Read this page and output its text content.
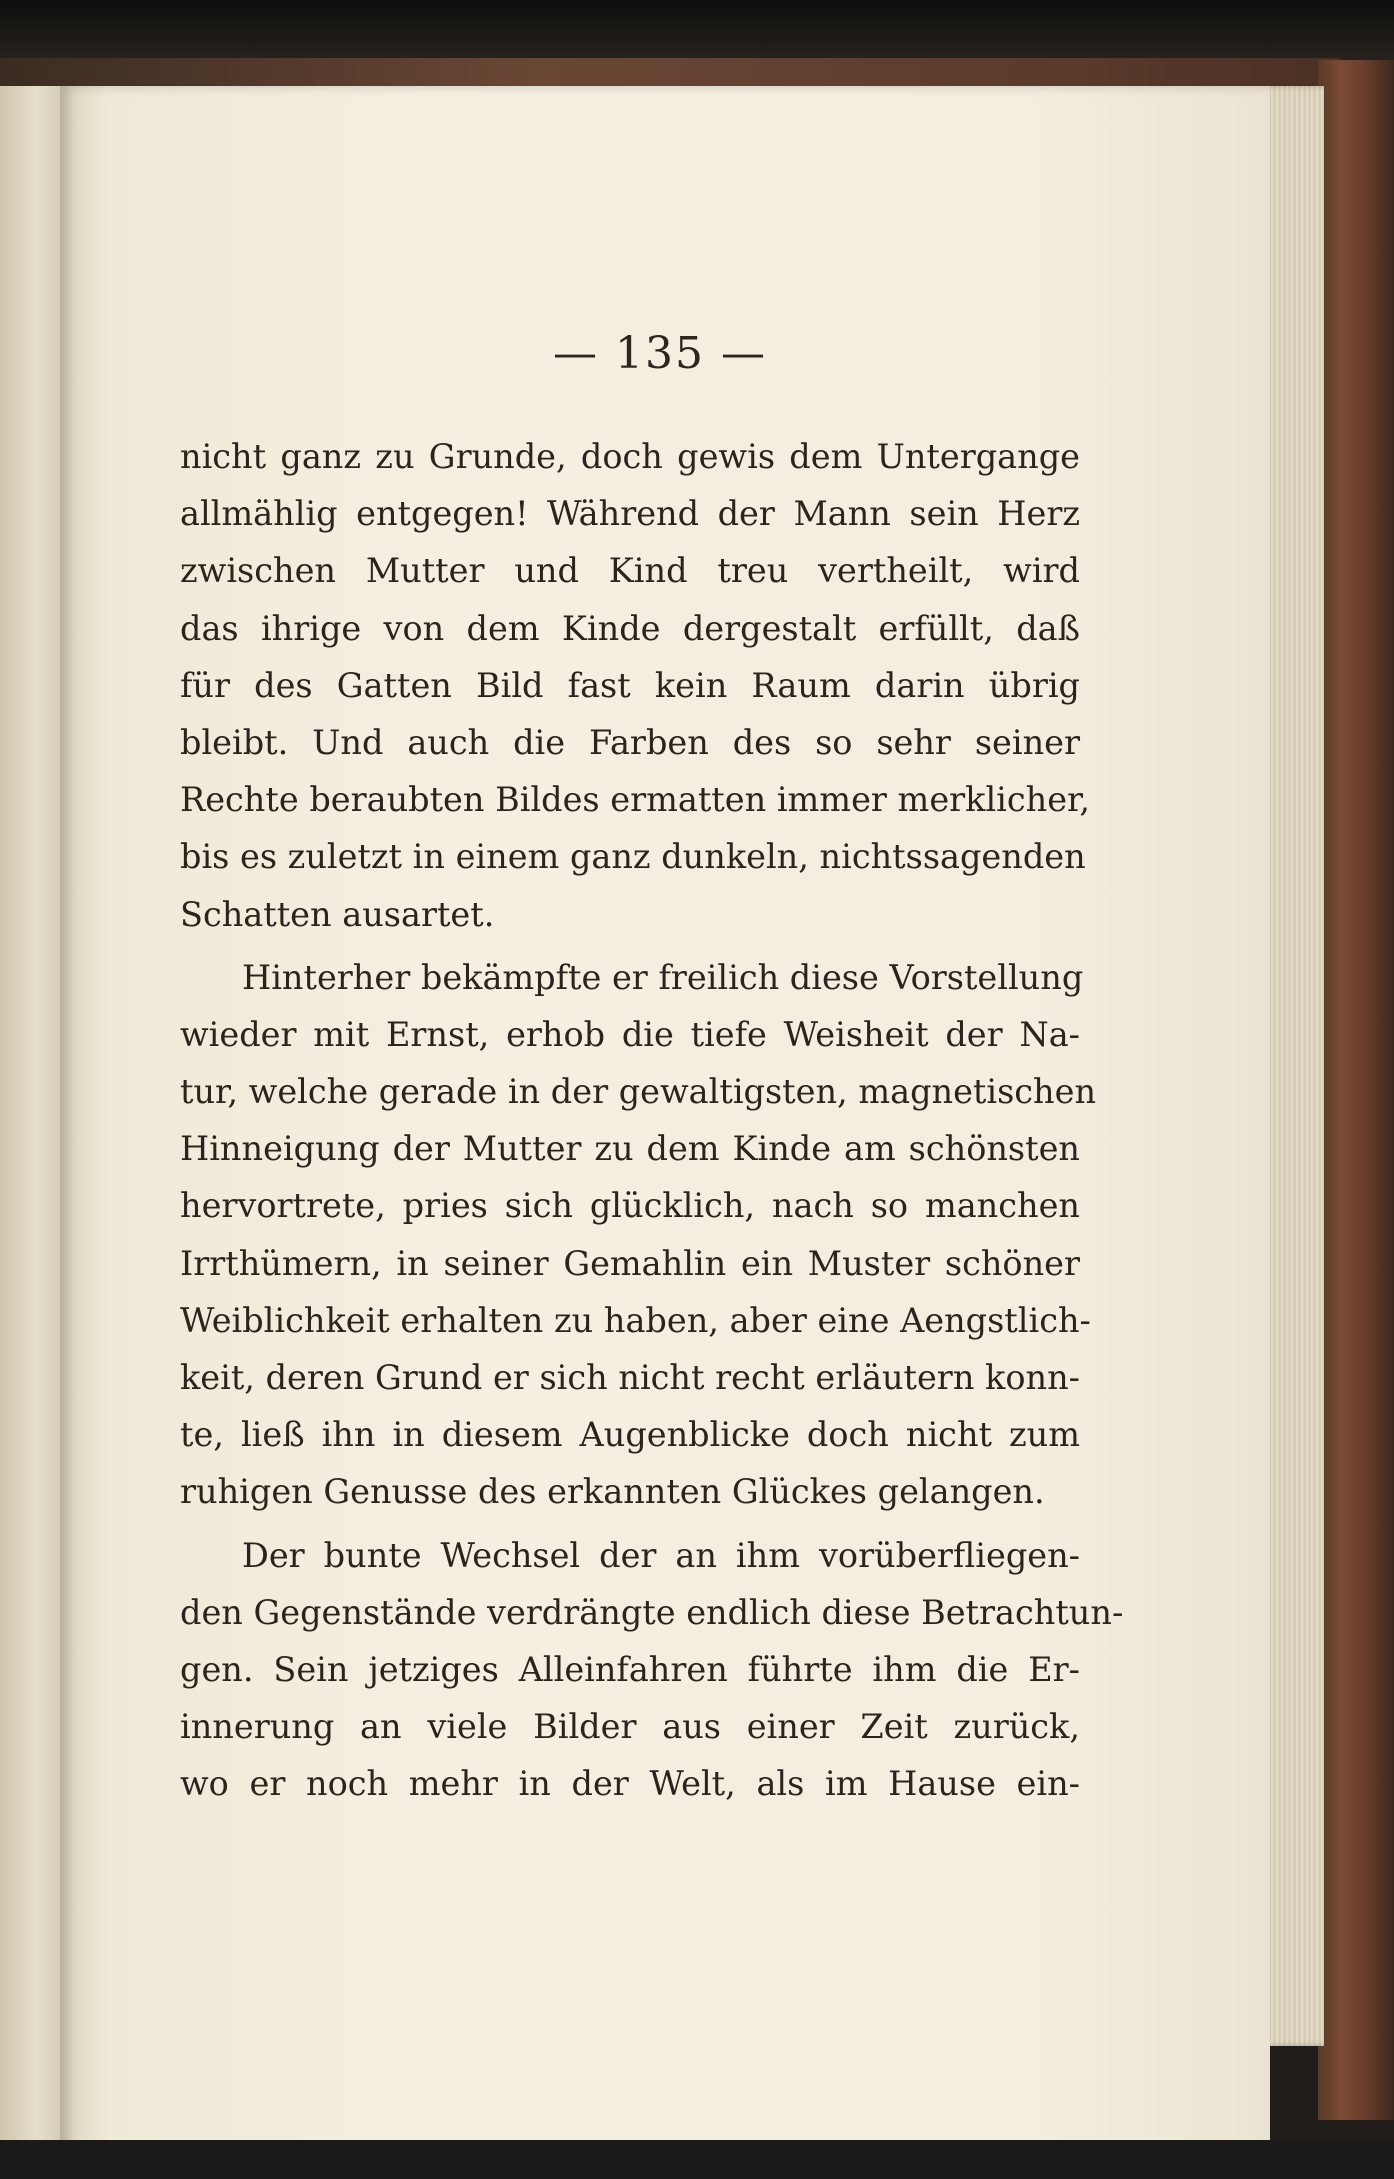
— 135 —
nicht ganz zu Grunde, doch gewis dem Untergange
allmählig entgegen! Während der Mann sein Herz
zwischen Mutter und Kind treu vertheilt, wird
das ihrige von dem Kinde dergestalt erfüllt, daß
für des Gatten Bild fast kein Raum darin übrig
bleibt. Und auch die Farben des so sehr seiner
Rechte beraubten Bildes ermatten immer merklicher,
bis es zuletzt in einem ganz dunkeln, nichtssagenden
Schatten ausartet.
Hinterher bekämpfte er freilich diese Vorstellung
wieder mit Ernst, erhob die tiefe Weisheit der Na-
tur, welche gerade in der gewaltigsten, magnetischen
Hinneigung der Mutter zu dem Kinde am schönsten
hervortrete, pries sich glücklich, nach so manchen
Irrthümern, in seiner Gemahlin ein Muster schöner
Weiblichkeit erhalten zu haben, aber eine Aengstlich-
keit, deren Grund er sich nicht recht erläutern konn-
te, ließ ihn in diesem Augenblicke doch nicht zum
ruhigen Genusse des erkannten Glückes gelangen.
Der bunte Wechsel der an ihm vorüberfliegen-
den Gegenstände verdrängte endlich diese Betrachtun-
gen. Sein jetziges Alleinfahren führte ihm die Er-
innerung an viele Bilder aus einer Zeit zurück,
wo er noch mehr in der Welt, als im Hause ein-
